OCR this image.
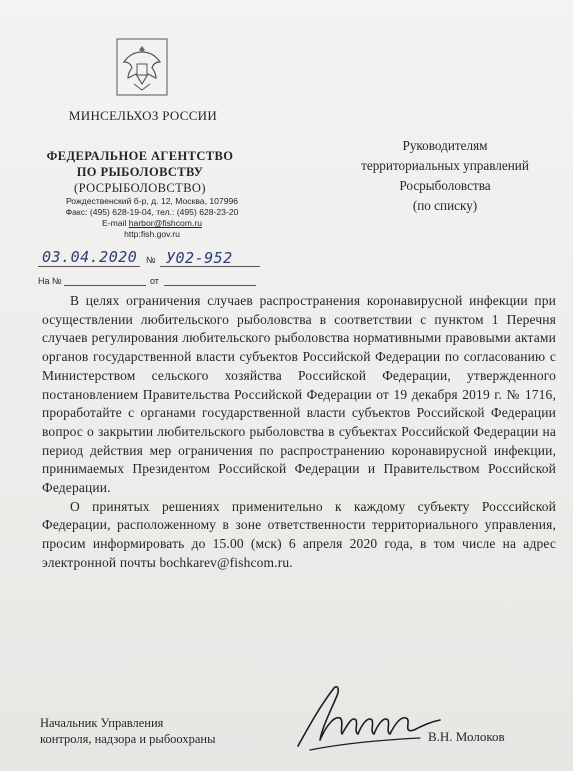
МИНСЕЛЬХОЗ РОССИИ
ФЕДЕРАЛЬНОЕ АГЕНТСТВО
ПО РЫБОЛОВСТВУ
(РОСРЫБОЛОВСТВО)
Рождественский б-р, д. 12, Москва, 107996
Факс: (495) 628-19-04, тел.: (495) 628-23-20
E-mail harbor@fishcom.ru
http:fish.gov.ru
Руководителям
территориальных управлений
Росрыболовства
(по списку)
03.04.2020 № У02-952
На №	от

В целях ограничения случаев распространения коронавирусной инфекции при осуществлении любительского рыболовства в соответствии с пунктом 1 Перечня случаев регулирования любительского рыболовства нормативными правовыми актами органов государственной власти субъектов Российской Федерации по согласованию с Министерством сельского хозяйства Российской Федерации, утвержденного постановлением Правительства Российской Федерации от 19 декабря 2019 г. № 1716, проработайте с органами государственной власти субъектов Российской Федерации вопрос о закрытии любительского рыболовства в субъектах Российской Федерации на период действия мер ограничения по распространению коронавирусной инфекции, принимаемых Президентом Российской Федерации и Правительством Российской Федерации.

О принятых решениях применительно к каждому субъекту Россcийской Федерации, расположенному в зоне ответственности территориального управления, просим информировать до 15.00 (мск) 6 апреля 2020 года, в том числе на адрес электронной почты bochkarev@fishcom.ru.

Начальник Управления
контроля, надзора и рыбоохраны	В.Н. Молоков
